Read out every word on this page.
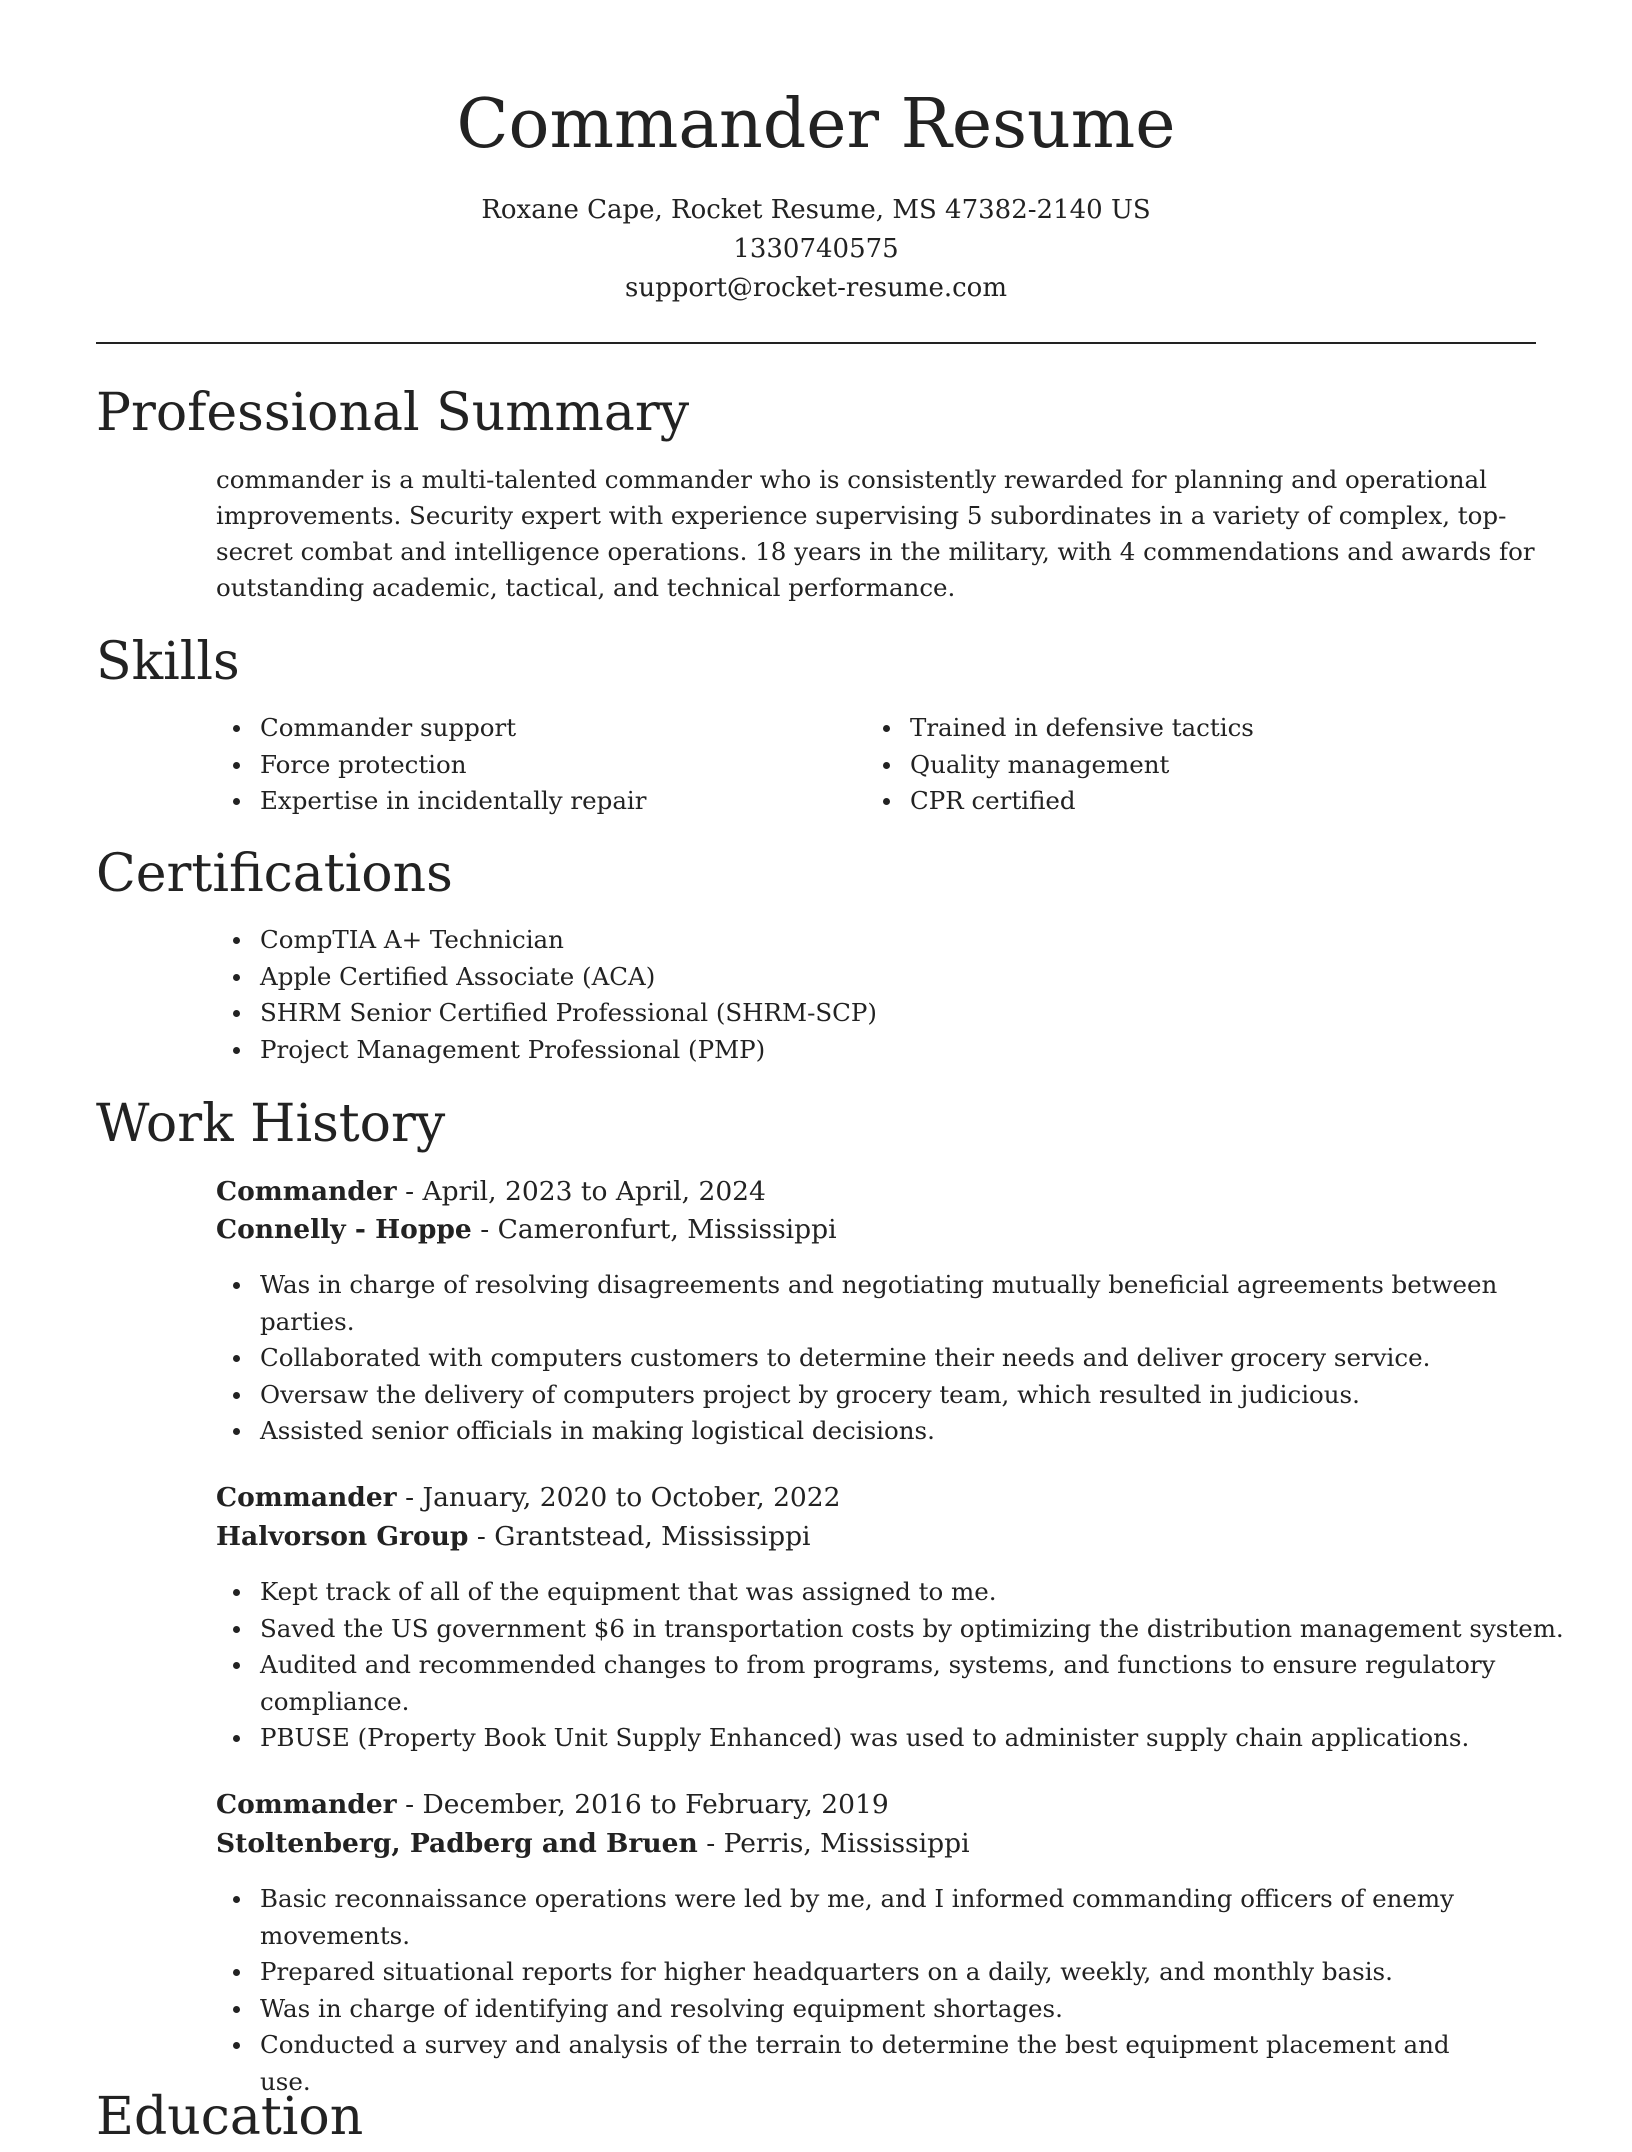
Commander Resume
Roxane Cape, Rocket Resume, MS 47382-2140 US
1330740575
support@rocket-resume.com
Professional Summary

commander is a multi-talented commander who is consistently rewarded for planning and operational improvements. Security expert with experience supervising 5 subordinates in a variety of complex, top-secret combat and intelligence operations. 18 years in the military, with 4 commendations and awards for outstanding academic, tactical, and technical performance.

Skills
Commander support
Force protection
Expertise in incidentally repair
Trained in defensive tactics
Quality management
CPR certified
Certifications
CompTIA A+ Technician
Apple Certified Associate (ACA)
SHRM Senior Certified Professional (SHRM-SCP)
Project Management Professional (PMP)
Work History
Commander - April, 2023 to April, 2024
Connelly - Hoppe - Cameronfurt, Mississippi
Was in charge of resolving disagreements and negotiating mutually beneficial agreements between parties.
Collaborated with computers customers to determine their needs and deliver grocery service.
Oversaw the delivery of computers project by grocery team, which resulted in judicious.
Assisted senior officials in making logistical decisions.
Commander - January, 2020 to October, 2022
Halvorson Group - Grantstead, Mississippi
Kept track of all of the equipment that was assigned to me.
Saved the US government $6 in transportation costs by optimizing the distribution management system.
Audited and recommended changes to from programs, systems, and functions to ensure regulatory compliance.
PBUSE (Property Book Unit Supply Enhanced) was used to administer supply chain applications.
Commander - December, 2016 to February, 2019
Stoltenberg, Padberg and Bruen - Perris, Mississippi
Basic reconnaissance operations were led by me, and I informed commanding officers of enemy movements.
Prepared situational reports for higher headquarters on a daily, weekly, and monthly basis.
Was in charge of identifying and resolving equipment shortages.
Conducted a survey and analysis of the terrain to determine the best equipment placement and use.
Education
